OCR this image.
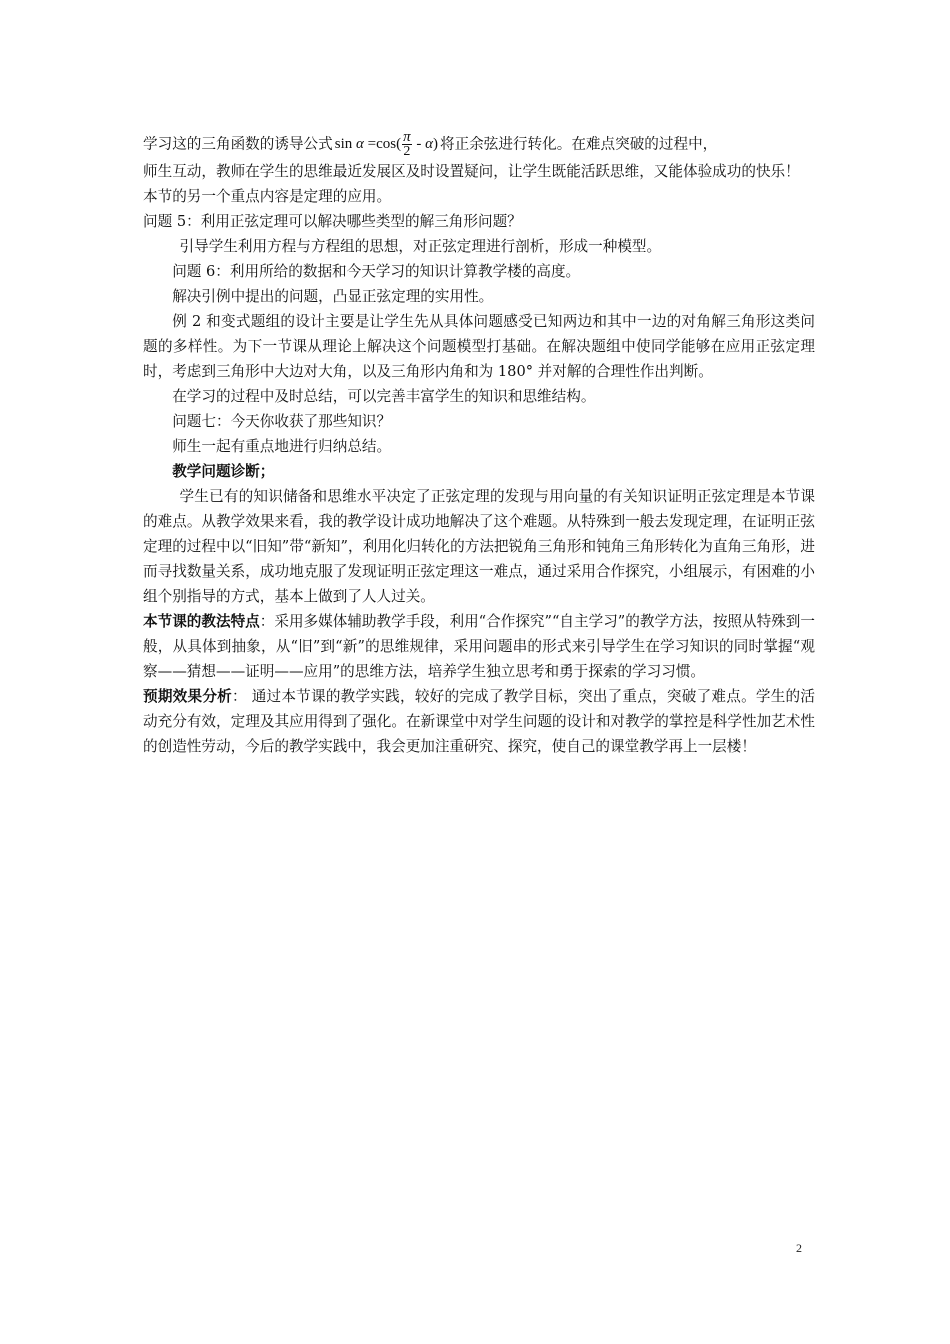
学习这的三角函数的诱导公式 $\sin \alpha =\cos( \frac{\pi}{2} - \alpha)$ 将正余弦进行转化。在难点突破的过程中，

师生互动，教师在学生的思维最近发展区及时设置疑问，让学生既能活跃思维，又能体验成功的快乐！

本节的另一个重点内容是定理的应用。

问题 5：利用正弦定理可以解决哪些类型的解三角形问题？

引导学生利用方程与方程组的思想，对正弦定理进行剖析，形成一种模型。

问题 6：利用所给的数据和今天学习的知识计算教学楼的高度。

解决引例中提出的问题，凸显正弦定理的实用性。

例 2 和变式题组的设计主要是让学生先从具体问题感受已知两边和其中一边的对角解三角形这类问题的多样性。为下一节课从理论上解决这个问题模型打基础。在解决题组中使同学能够在应用正弦定理时，考虑到三角形中大边对大角，以及三角形内角和为 180° 并对解的合理性作出判断。

在学习的过程中及时总结，可以完善丰富学生的知识和思维结构。

问题七：今天你收获了那些知识？

师生一起有重点地进行归纳总结。

教学问题诊断；

学生已有的知识储备和思维水平决定了正弦定理的发现与用向量的有关知识证明正弦定理是本节课的难点。从教学效果来看，我的教学设计成功地解决了这个难题。从特殊到一般去发现定理，在证明正弦定理的过程中以“旧知”带“新知”，利用化归转化的方法把锐角三角形和钝角三角形转化为直角三角形，进而寻找数量关系，成功地克服了发现证明正弦定理这一难点，通过采用合作探究，小组展示，有困难的小组个别指导的方式，基本上做到了人人过关。

本节课的教法特点：采用多媒体辅助教学手段，利用“合作探究”“自主学习”的教学方法，按照从特殊到一般，从具体到抽象，从“旧”到“新”的思维规律，采用问题串的形式来引导学生在学习知识的同时掌握“观察——猜想——证明——应用”的思维方法，培养学生独立思考和勇于探索的学习习惯。

预期效果分析： 通过本节课的教学实践，较好的完成了教学目标，突出了重点，突破了难点。学生的活动充分有效，定理及其应用得到了强化。在新课堂中对学生问题的设计和对教学的掌控是科学性加艺术性的创造性劳动，今后的教学实践中，我会更加注重研究、探究，使自己的课堂教学再上一层楼！

2
